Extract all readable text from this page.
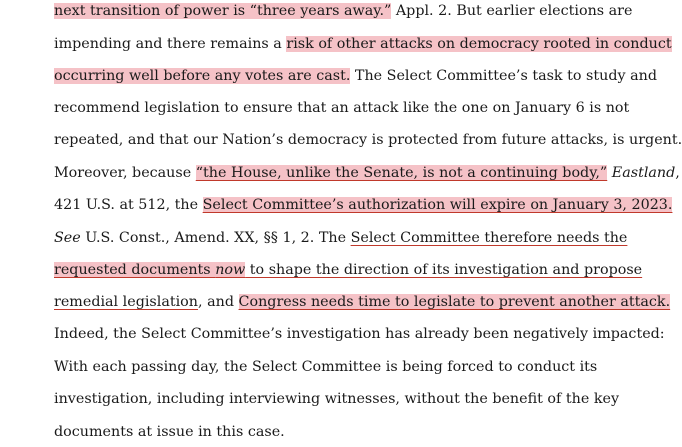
next transition of power is “three years away.” Appl. 2. But earlier elections are
impending and there remains a risk of other attacks on democracy rooted in conduct
occurring well before any votes are cast. The Select Committee’s task to study and
recommend legislation to ensure that an attack like the one on January 6 is not
repeated, and that our Nation’s democracy is protected from future attacks, is urgent.
Moreover, because “the House, unlike the Senate, is not a continuing body,” Eastland,
421 U.S. at 512, the Select Committee’s authorization will expire on January 3, 2023.
See U.S. Const., Amend. XX, §§ 1, 2. The Select Committee therefore needs the
requested documents now to shape the direction of its investigation and propose
remedial legislation, and Congress needs time to legislate to prevent another attack.
Indeed, the Select Committee’s investigation has already been negatively impacted:
With each passing day, the Select Committee is being forced to conduct its
investigation, including interviewing witnesses, without the benefit of the key
documents at issue in this case.
